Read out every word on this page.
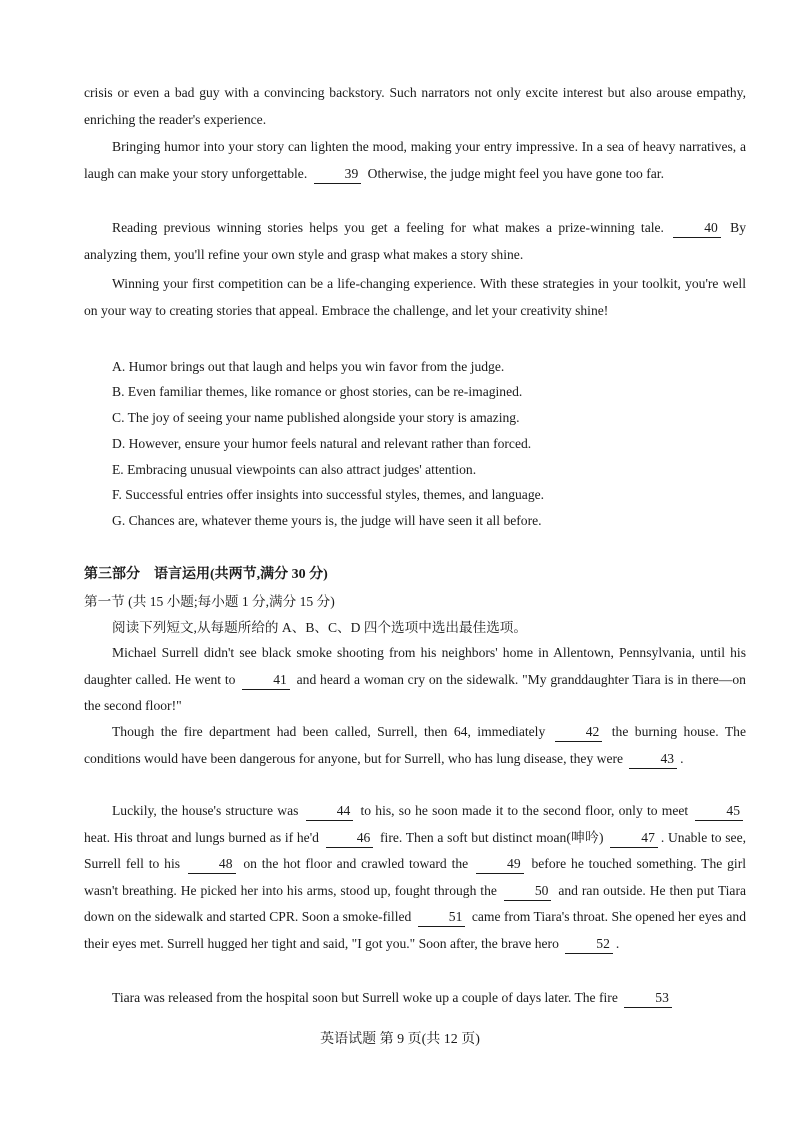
crisis or even a bad guy with a convincing backstory. Such narrators not only excite interest but also arouse empathy, enriching the reader's experience.

Bringing humor into your story can lighten the mood, making your entry impressive. In a sea of heavy narratives, a laugh can make your story unforgettable.	39 Otherwise, the judge might feel you have gone too far.

Reading previous winning stories helps you get a feeling for what makes a prize-winning tale.	40 By analyzing them, you'll refine your own style and grasp what makes a story shine.

Winning your first competition can be a life-changing experience. With these strategies in your toolkit, you're well on your way to creating stories that appeal. Embrace the challenge, and let your creativity shine!

A. Humor brings out that laugh and helps you win favor from the judge.
B. Even familiar themes, like romance or ghost stories, can be re-imagined.
C. The joy of seeing your name published alongside your story is amazing.
D. However, ensure your humor feels natural and relevant rather than forced.
E. Embracing unusual viewpoints can also attract judges' attention.
F. Successful entries offer insights into successful styles, themes, and language.
G. Chances are, whatever theme yours is, the judge will have seen it all before.
第三部分 语言运用(共两节,满分 30 分)
第一节 (共 15 小题;每小题 1 分,满分 15 分)
阅读下列短文,从每题所给的 A、B、C、D 四个选项中选出最佳选项。

Michael Surrell didn't see black smoke shooting from his neighbors' home in Allentown, Pennsylvania, until his daughter called. He went to	41 and heard a woman cry on the sidewalk. "My granddaughter Tiara is in there—on the second floor!"

Though the fire department had been called, Surrell, then 64, immediately	42 the burning house. The conditions would have been dangerous for anyone, but for Surrell, who has lung disease, they were	43 .

Luckily, the house's structure was	44 to his, so he soon made it to the second floor, only to meet	45 heat. His throat and lungs burned as if he'd	46 fire. Then a soft but distinct moan(呻吟)	47 . Unable to see, Surrell fell to his	48 on the hot floor and crawled toward the	49 before he touched something. The girl wasn't breathing. He picked her into his arms, stood up, fought through the	50 and ran outside. He then put Tiara down on the sidewalk and started CPR. Soon a smoke-filled	51 came from Tiara's throat. She opened her eyes and their eyes met. Surrell hugged her tight and said, "I got you." Soon after, the brave hero	52 .

Tiara was released from the hospital soon but Surrell woke up a couple of days later. The fire	53

英语试题 第 9 页(共 12 页)
